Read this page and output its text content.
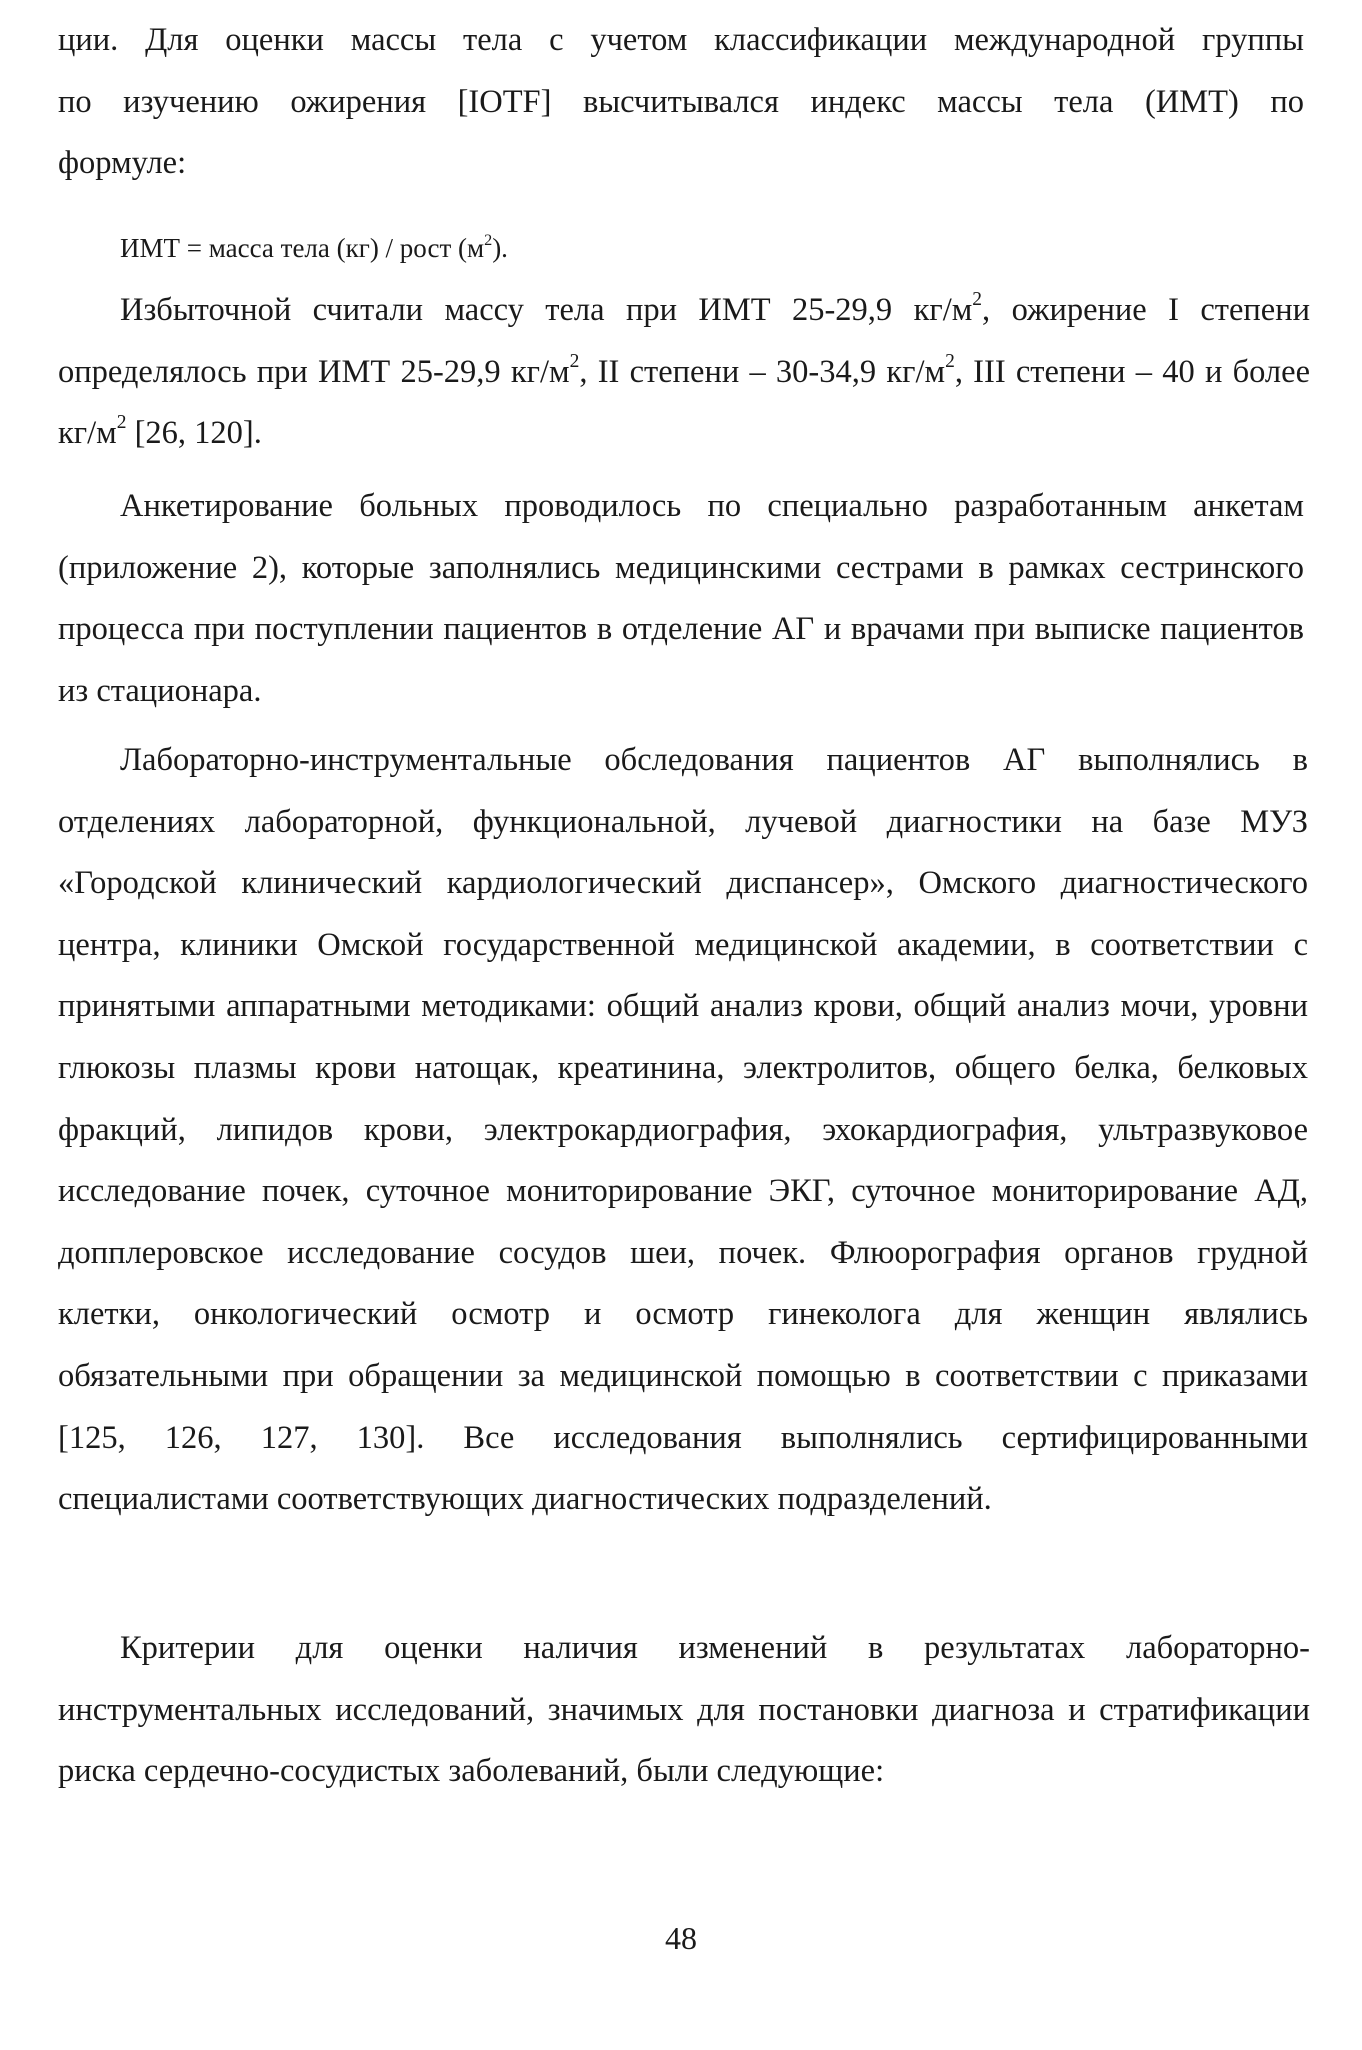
ции. Для оценки массы тела с учетом классификации международной группы

по изучению ожирения [IOTF] высчитывался индекс массы тела (ИМТ) по

формуле:

ИМТ = масса тела (кг) / рост $(м^2)$.

Избыточной считали массу тела при ИМТ 25-29,9 $кг/м^2$, ожирение I степени определялось при ИМТ 25-29,9 $кг/м^2$, II степени – 30-34,9 $кг/м^2$, III степени – 40 и более $кг/м^2$ [26, 120].

Анкетирование больных проводилось по специально разработанным анкетам (приложение 2), которые заполнялись медицинскими сестрами в рамках сестринского процесса при поступлении пациентов в отделение АГ и врачами при выписке пациентов из стационара.

Лабораторно-инструментальные обследования пациентов АГ выполнялись в отделениях лабораторной, функциональной, лучевой диагностики на базе МУЗ «Городской клинический кардиологический диспансер», Омского диагностического центра, клиники Омской государственной медицинской академии, в соответствии с принятыми аппаратными методиками: общий анализ крови, общий анализ мочи, уровни глюкозы плазмы крови натощак, креатинина, электролитов, общего белка, белковых фракций, липидов крови, электрокардиография, эхокардиография, ультразвуковое исследование почек, суточное мониторирование ЭКГ, суточное мониторирование АД, допплеровское исследование сосудов шеи, почек. Флюорография органов грудной клетки, онкологический осмотр и осмотр гинеколога для женщин являлись обязательными при обращении за медицинской помощью в соответствии с приказами [125, 126, 127, 130]. Все исследования выполнялись сертифицированными специалистами соответствующих диагностических подразделений.

Критерии для оценки наличия изменений в результатах лабораторно-инструментальных исследований, значимых для постановки диагноза и стратификации риска сердечно-сосудистых заболеваний, были следующие:

48
